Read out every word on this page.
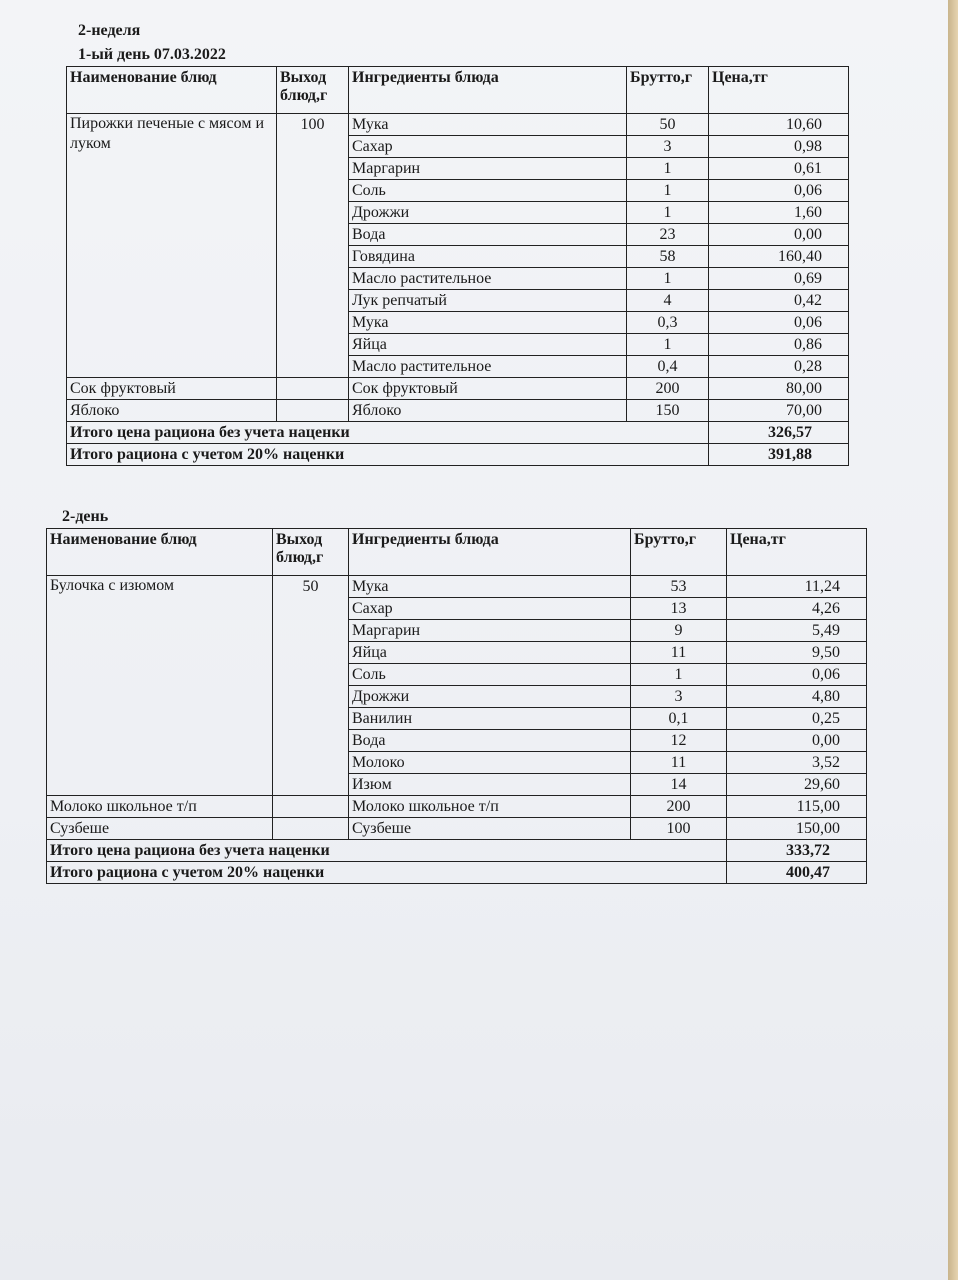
2-неделя
1-ый день 07.03.2022
Наименование блюд	Выход блюд,г	Ингредиенты блюда	Брутто,г	Цена,тг
Пирожки печеные с мясом и луком	100	Мука	50	10,60
		Сахар	3	0,98
		Маргарин	1	0,61
		Соль	1	0,06
		Дрожжи	1	1,60
		Вода	23	0,00
		Говядина	58	160,40
		Масло растительное	1	0,69
		Лук репчатый	4	0,42
		Мука	0,3	0,06
		Яйца	1	0,86
		Масло растительное	0,4	0,28
Сок фруктовый		Сок фруктовый	200	80,00
Яблоко		Яблоко	150	70,00
Итого цена рациона без учета наценки				326,57
Итого рациона с учетом 20% наценки				391,88
2-день
Наименование блюд	Выход блюд,г	Ингредиенты блюда	Брутто,г	Цена,тг
Булочка с изюмом	50	Мука	53	11,24
		Сахар	13	4,26
		Маргарин	9	5,49
		Яйца	11	9,50
		Соль	1	0,06
		Дрожжи	3	4,80
		Ванилин	0,1	0,25
		Вода	12	0,00
		Молоко	11	3,52
		Изюм	14	29,60
Молоко школьное т/п		Молоко школьное т/п	200	115,00
Сузбеше		Сузбеше	100	150,00
Итого цена рациона без учета наценки				333,72
Итого рациона с учетом 20% наценки				400,47
